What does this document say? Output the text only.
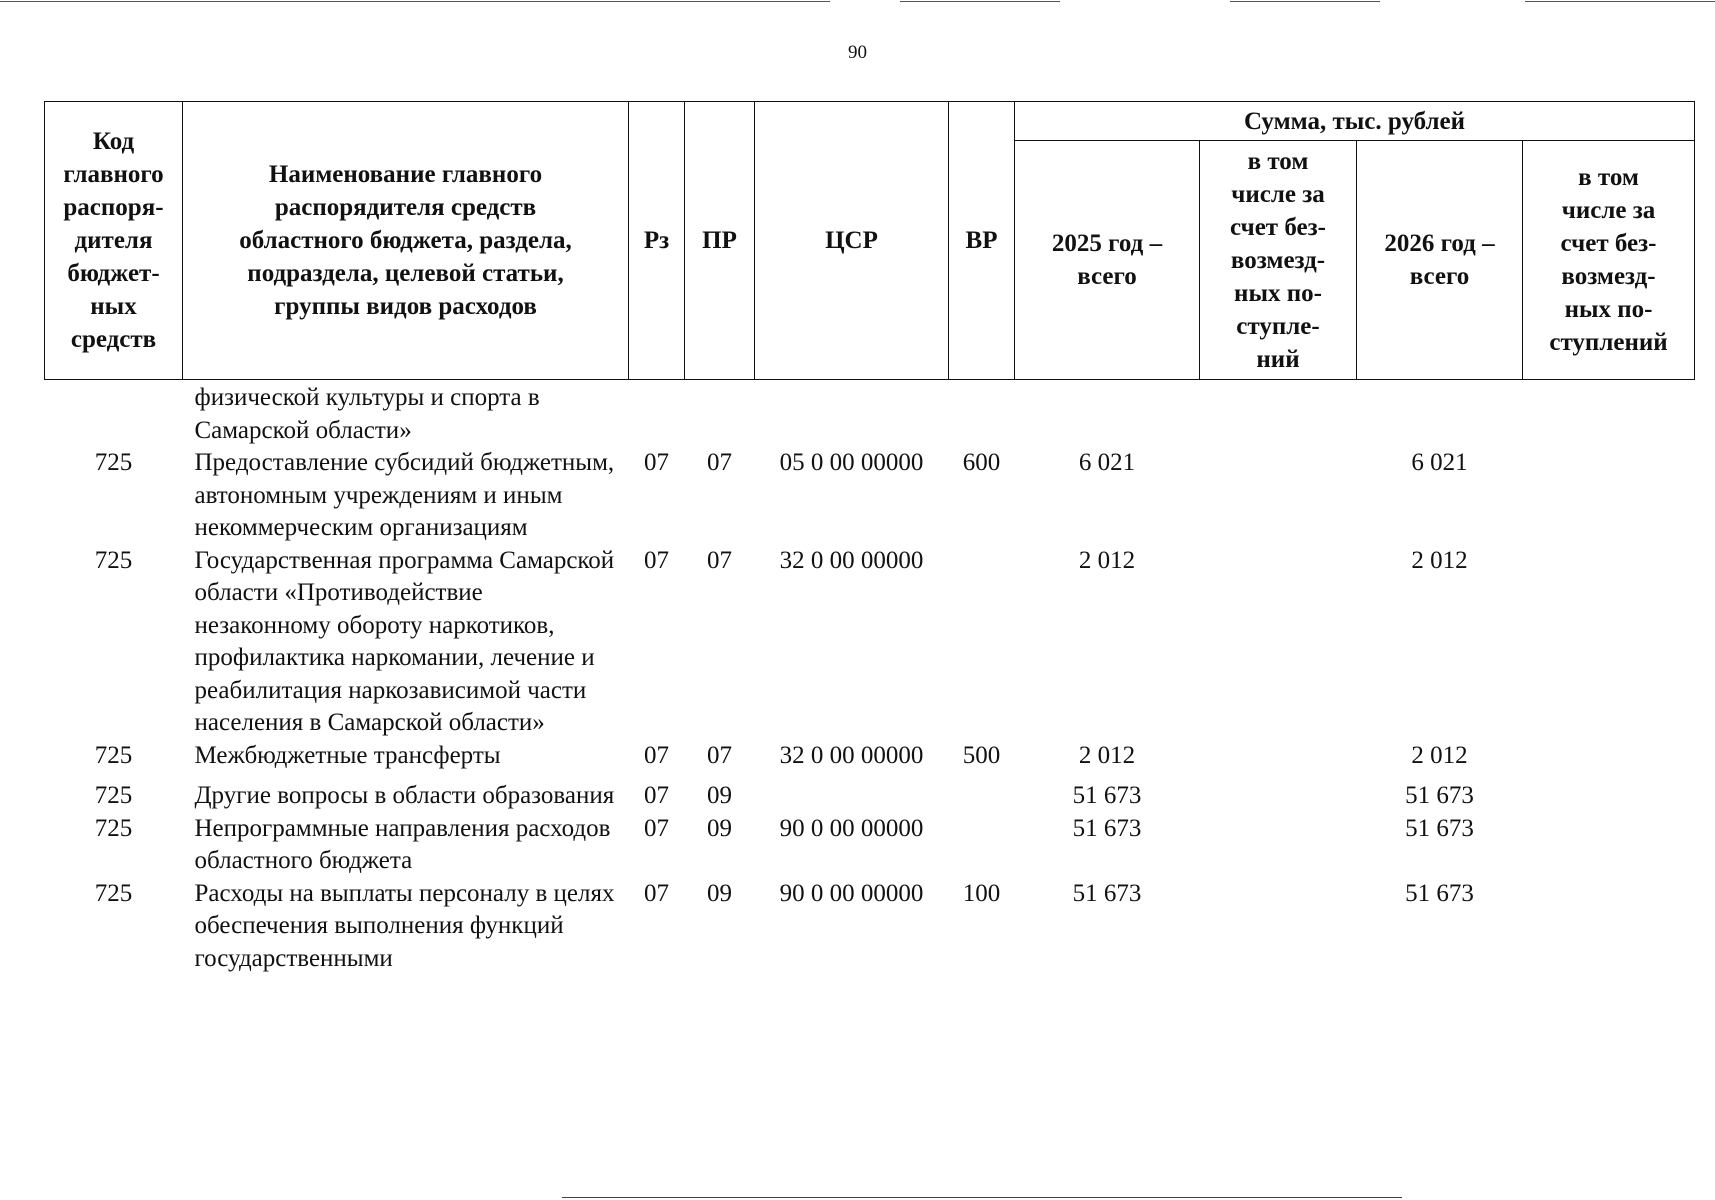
90
Код главного распоря-дителя бюджет-ных средств	Наименование главного распорядителя средств областного бюджета, раздела, подраздела, целевой статьи, группы видов расходов	Рз	ПР	ЦСР	ВР	Сумма, тыс. рублей			
						2025 год – всего	в том числе за счет без-возмезд-ных по-ступле-ний	2026 год – всего	в том числе за счет без-возмезд-ных по-ступлений
	физической культуры и спорта в Самарской области»								
725	Предоставление субсидий бюджетным, автономным учреждениям и иным некоммерческим организациям	07	07	05 0 00 00000	600	6 021		6 021	
725	Государственная программа Самарской области «Противодействие незаконному обороту наркотиков, профилактика наркомании, лечение и реабилитация наркозависимой части населения в Самарской области»	07	07	32 0 00 00000		2 012		2 012	
725	Межбюджетные трансферты	07	07	32 0 00 00000	500	2 012		2 012	
725	Другие вопросы в области образования	07	09			51 673		51 673	
725	Непрограммные направления расходов областного бюджета	07	09	90 0 00 00000		51 673		51 673	
725	Расходы на выплаты персоналу в целях обеспечения выполнения функций государственными	07	09	90 0 00 00000	100	51 673		51 673	
